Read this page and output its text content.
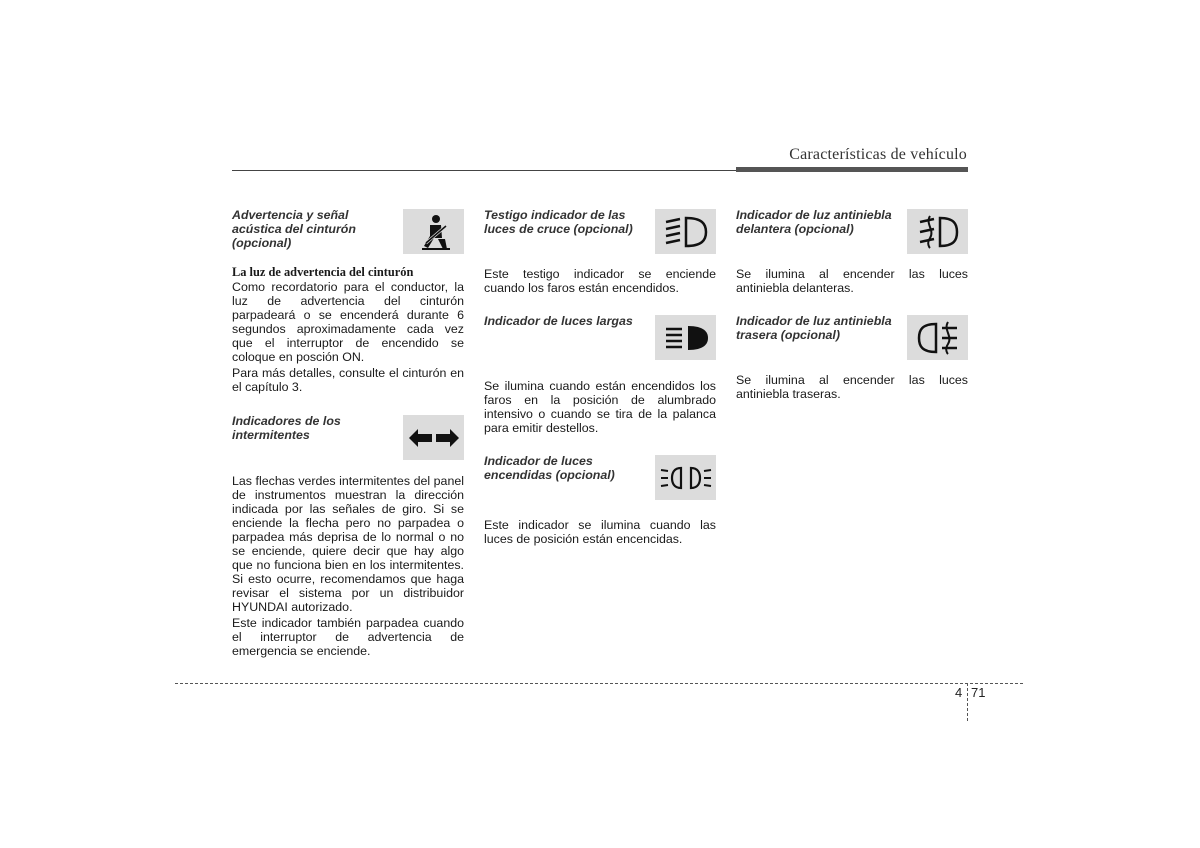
Características de vehículo
Advertencia y señal acústica del cinturón (opcional)
La luz de advertencia del cinturón

Como recordatorio para el conductor, la luz de advertencia del cinturón parpadeará o se encenderá durante 6 segundos aproximadamente cada vez que el interruptor de encendido se coloque en posción ON.

Para más detalles, consulte el cinturón en el capítulo 3.

Indicadores de los intermitentes

Las flechas verdes intermitentes del panel de instrumentos muestran la dirección indicada por las señales de giro. Si se enciende la flecha pero no parpadea o parpadea más deprisa de lo normal o no se enciende, quiere decir que hay algo que no funciona bien en los intermitentes. Si esto ocurre, recomendamos que haga revisar el sistema por un distribuidor HYUNDAI autorizado.

Este indicador también parpadea cuando el interruptor de advertencia de emergencia se enciende.

Testigo indicador de las luces de cruce (opcional)

Este testigo indicador se enciende cuando los faros están encendidos.

Indicador de luces largas

Se ilumina cuando están encendidos los faros en la posición de alumbrado intensivo o cuando se tira de la palanca para emitir destellos.

Indicador de luces encendidas (opcional)

Este indicador se ilumina cuando las luces de posición están encencidas.

Indicador de luz antiniebla delantera (opcional)

Se ilumina al encender las luces antiniebla delanteras.

Indicador de luz antiniebla trasera (opcional)

Se ilumina al encender las luces antiniebla traseras.

4 71
